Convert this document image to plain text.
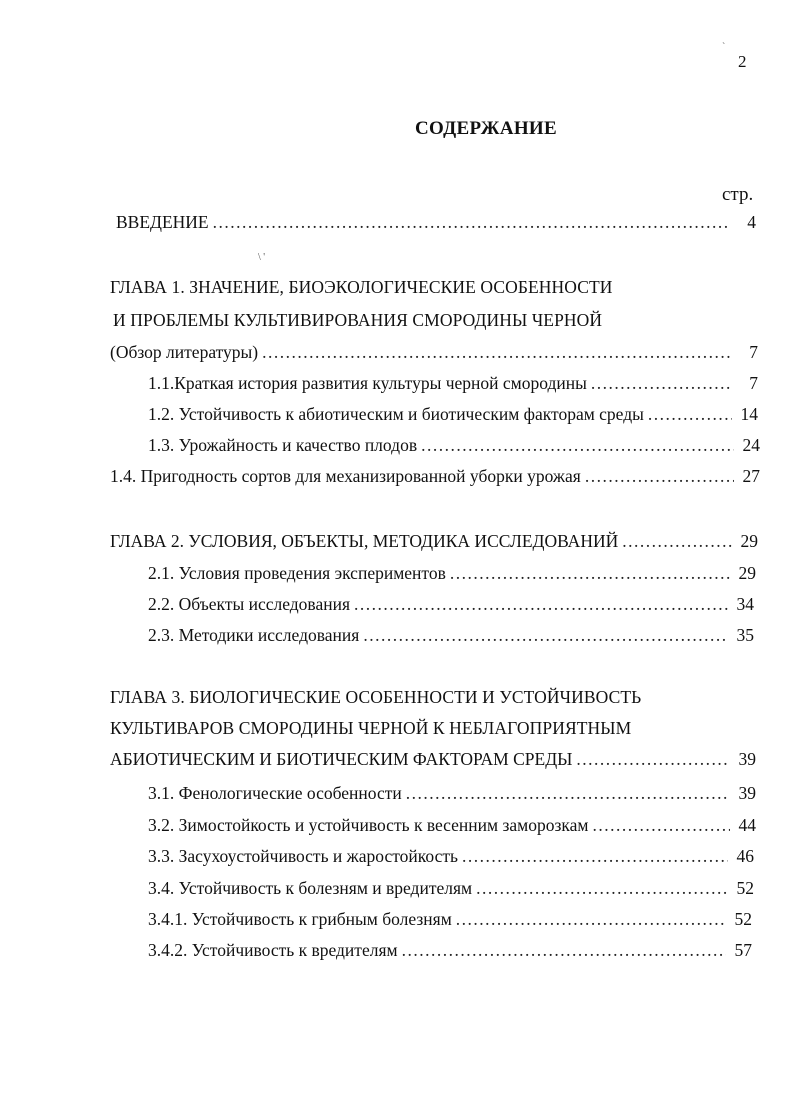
2
`
\ '
СОДЕРЖАНИЕ
стр.
ВВЕДЕНИЕ .....	4
ГЛАВА 1. ЗНАЧЕНИЕ, БИОЭКОЛОГИЧЕСКИЕ ОСОБЕННОСТИ
И ПРОБЛЕМЫ КУЛЬТИВИРОВАНИЯ СМОРОДИНЫ ЧЕРНОЙ
(Обзор литературы) .....	7
1.1.Краткая история развития культуры черной смородины .....	7
1.2. Устойчивость к абиотическим и биотическим факторам среды .....	14
1.3. Урожайность и качество плодов .....	24
1.4. Пригодность сортов для механизированной уборки урожая .....	27
ГЛАВА 2. УСЛОВИЯ, ОБЪЕКТЫ, МЕТОДИКА ИССЛЕДОВАНИЙ .....	29
2.1. Условия проведения экспериментов .....	29
2.2. Объекты исследования .....	34
2.3. Методики исследования .....	35
ГЛАВА 3. БИОЛОГИЧЕСКИЕ ОСОБЕННОСТИ И УСТОЙЧИВОСТЬ
КУЛЬТИВАРОВ СМОРОДИНЫ ЧЕРНОЙ К НЕБЛАГОПРИЯТНЫМ
АБИОТИЧЕСКИМ И БИОТИЧЕСКИМ ФАКТОРАМ СРЕДЫ .....	39
3.1. Фенологические особенности .....	39
3.2. Зимостойкость и устойчивость к весенним заморозкам .....	44
3.3. Засухоустойчивость и жаростойкость .....	46
3.4. Устойчивость к болезням и вредителям .....	52
3.4.1. Устойчивость к грибным болезням .....	52
3.4.2. Устойчивость к вредителям .....	57
